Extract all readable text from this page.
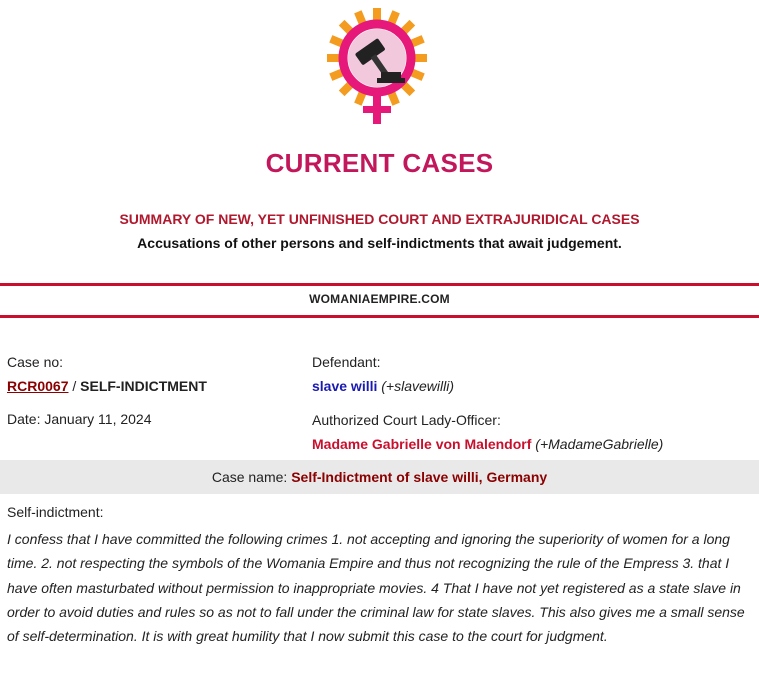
CURRENT CASES
SUMMARY OF NEW, YET UNFINISHED COURT AND EXTRAJURIDICAL CASES
Accusations of other persons and self-indictments that await judgement.
WOMANIAEMPIRE.COM
Case no:
RCR0067 / SELF-INDICTMENT
Date: January 11, 2024
Defendant:
slave willi (+slavewilli)
Authorized Court Lady-Officer:
Madame Gabrielle von Malendorf (+MadameGabrielle)
Case name: Self-Indictment of slave willi, Germany
Self-indictment:
I confess that I have committed the following crimes 1. not accepting and ignoring the superiority of women for a long time. 2. not respecting the symbols of the Womania Empire and thus not recognizing the rule of the Empress 3. that I have often masturbated without permission to inappropriate movies. 4 That I have not yet registered as a state slave in order to avoid duties and rules so as not to fall under the criminal law for state slaves. This also gives me a small sense of self-determination. It is with great humility that I now submit this case to the court for judgment.
